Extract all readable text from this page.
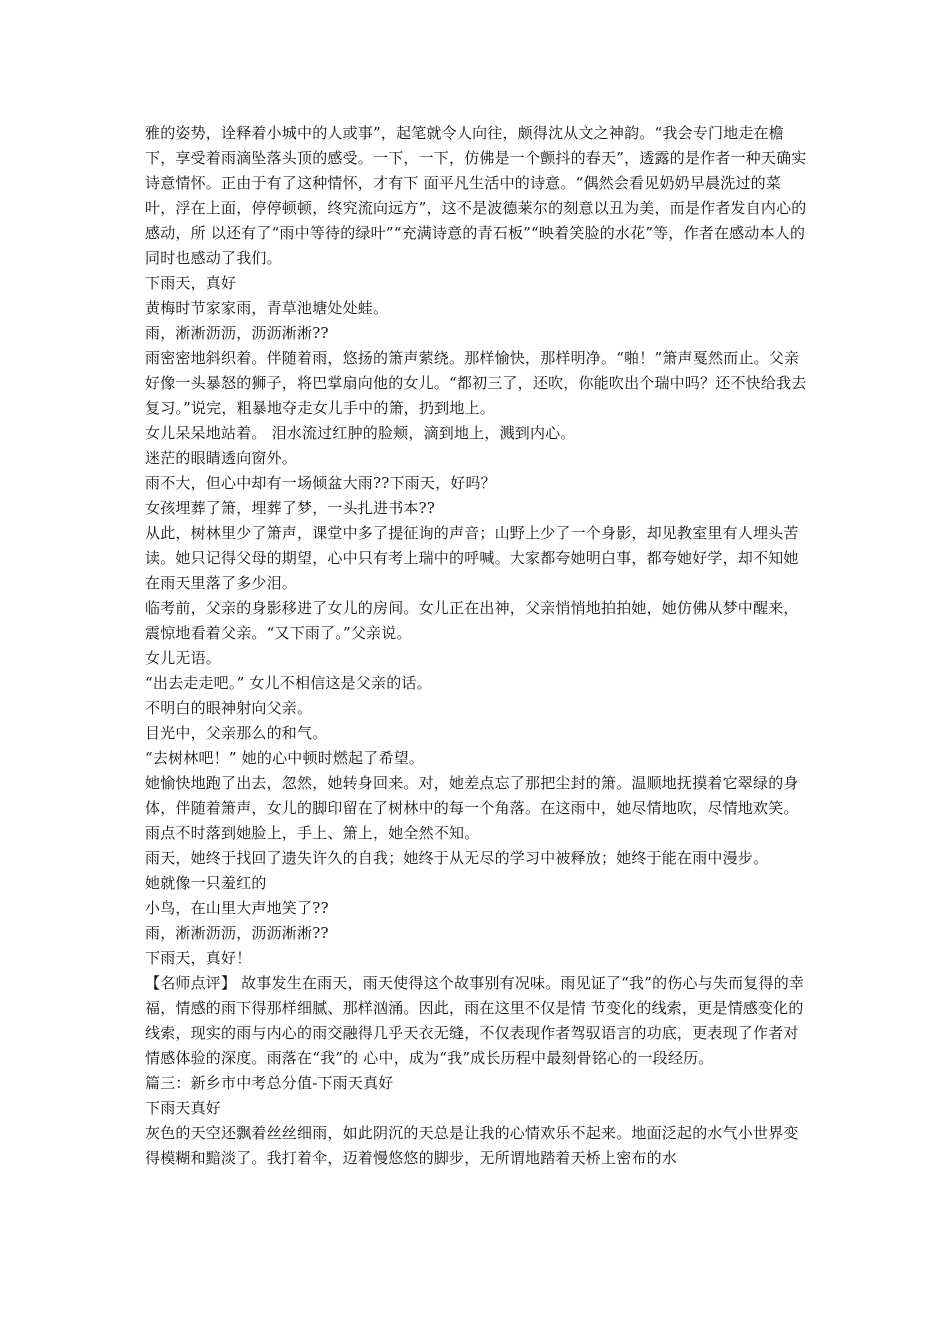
雅的姿势，诠释着小城中的人或事”，起笔就令人向往，颇得沈从文之神韵。“我会专门地走在檐下，享受着雨滴坠落头顶的感受。一下，一下，仿佛是一个颤抖的春天”，透露的是作者一种天确实诗意情怀。正由于有了这种情怀，才有下 面平凡生活中的诗意。“偶然会看见奶奶早晨洗过的菜叶，浮在上面，停停顿顿，终究流向远方”，这不是波德莱尔的刻意以丑为美，而是作者发自内心的感动，所 以还有了“雨中等待的绿叶”“充满诗意的青石板”“映着笑脸的水花”等，作者在感动本人的同时也感动了我们。

下雨天，真好

黄梅时节家家雨，青草池塘处处蛙。

雨，淅淅沥沥，沥沥淅淅??

雨密密地斜织着。伴随着雨，悠扬的箫声萦绕。那样愉快，那样明净。“啪！”箫声戛然而止。父亲好像一头暴怒的狮子，将巴掌扇向他的女儿。“都初三了，还吹，你能吹出个瑞中吗？还不快给我去复习。”说完，粗暴地夺走女儿手中的箫，扔到地上。

女儿呆呆地站着。 泪水流过红肿的脸颊，滴到地上，溅到内心。

迷茫的眼睛透向窗外。

雨不大，但心中却有一场倾盆大雨??下雨天，好吗？

女孩埋葬了箫，埋葬了梦，一头扎进书本??

从此，树林里少了箫声，课堂中多了提征询的声音；山野上少了一个身影，却见教室里有人埋头苦读。她只记得父母的期望，心中只有考上瑞中的呼喊。大家都夸她明白事，都夸她好学，却不知她在雨天里落了多少泪。

临考前，父亲的身影移进了女儿的房间。女儿正在出神，父亲悄悄地拍拍她，她仿佛从梦中醒来，震惊地看着父亲。“又下雨了。”父亲说。

女儿无语。

“出去走走吧。” 女儿不相信这是父亲的话。

不明白的眼神射向父亲。

目光中，父亲那么的和气。

“去树林吧！” 她的心中顿时燃起了希望。

她愉快地跑了出去，忽然，她转身回来。对，她差点忘了那把尘封的箫。温顺地抚摸着它翠绿的身体，伴随着箫声，女儿的脚印留在了树林中的每一个角落。在这雨中，她尽情地吹，尽情地欢笑。雨点不时落到她脸上，手上、箫上，她全然不知。

雨天，她终于找回了遗失许久的自我；她终于从无尽的学习中被释放；她终于能在雨中漫步。

她就像一只羞红的

小鸟，在山里大声地笑了??

雨，淅淅沥沥，沥沥淅淅??

下雨天，真好！

【名师点评】 故事发生在雨天，雨天使得这个故事别有况味。雨见证了“我”的伤心与失而复得的幸福，情感的雨下得那样细腻、那样汹涌。因此，雨在这里不仅是情 节变化的线索，更是情感变化的线索，现实的雨与内心的雨交融得几乎天衣无缝，不仅表现作者驾驭语言的功底，更表现了作者对情感体验的深度。雨落在“我”的 心中，成为“我”成长历程中最刻骨铭心的一段经历。

篇三：新乡市中考总分值-下雨天真好

下雨天真好

灰色的天空还飘着丝丝细雨，如此阴沉的天总是让我的心情欢乐不起来。地面泛起的水气小世界变得模糊和黯淡了。我打着伞，迈着慢悠悠的脚步，无所谓地踏着天桥上密布的水
